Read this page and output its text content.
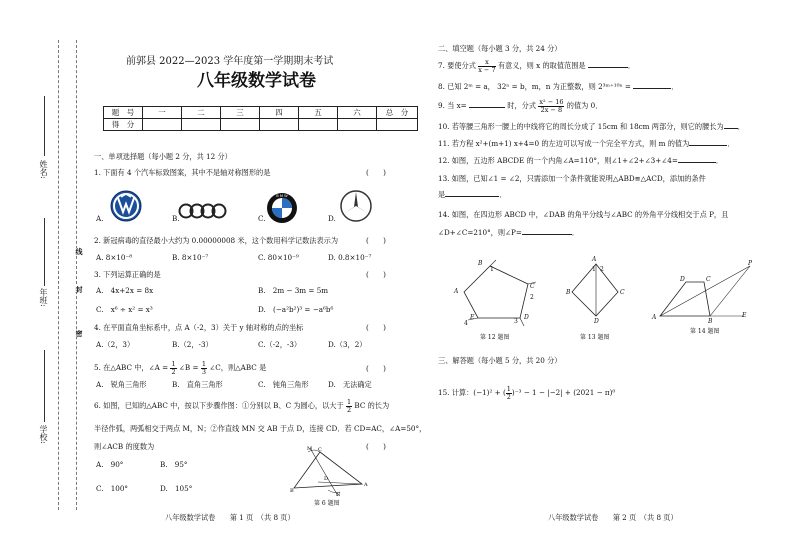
姓名:
年班:
学校:
线
封
密
前郭县 2022—2023 学年度第一学期期末考试
八年级数学试卷
题　号	一	二	三	四	五	六	总　分
得　分							
一、单项选择题（每小题 2 分，共 12 分）
1. 下面有 4 个汽车标致图案，其中不是轴对称图形的是	(　　)
A.	B.	C.	D.
B M W
2. 新冠病毒的直径最小大约为 0.00000008 米，这个数用科学记数法表示为	(　　)
A. 8×10⁻⁸	B. 8×10⁻⁷	C. 80×10⁻⁹	D. 0.8×10⁻⁷
3. 下列运算正确的是	(　　)
A.　4x+2x = 8x	B.　2m − 3m = 5m
C.　x⁶ ÷ x² = x³	D.　(−a²b²)³ = −a⁶b⁶
4. 在平面直角坐标系中，点 A（-2，3）关于 y 轴对称的点的坐标	(　　)
A.（2，3）	B.（2，-3）	C.（-2，-3）	D.（3，2）
5. 在△ABC 中，∠A = $\frac{1}{2}$ ∠B = $\frac{1}{3}$ ∠C，则△ABC 是	(　　)
A.　锐角三角形	B.　直角三角形	C.　钝角三角形	D.　无法确定
6. 如图，已知的△ABC 中，按以下步骤作图：①分别以 B、C 为圆心，以大于 $\frac{1}{2}$ BC 的长为
半径作弧，两弧相交于两点 M，N；②作直线 MN 交 AB 于点 D，连接 CD．若 CD=AC，∠A=50°，
则∠ACB 的度数为	(　　)
A.　90°	B.　95°
C.　100°	D.　105°	B
A
C
M
N
D
第 6 题图
八年级数学试卷　　第 1 页　（共 8 页）
二、填空题（每小题 3 分，共 24 分）
7. 要使分式 $\frac{x}{x - 7}$ 有意义，则 x 的取值范围是	．
8. 已知 2ᵐ = a， 32ⁿ = b，m，n 为正整数，则 2³ᵐ⁺¹⁰ⁿ =	．
9. 当 x=	时，分式 $\frac{\text{x² − 16}}{2x - 8}$ 的值为 0．
10. 若等腰三角形一腰上的中线将它的周长分成了 15cm 和 18cm 两部分，则它的腰长为 ．
11. 若方程 x²+(m+1) x+4=0 的左边可以写成一个完全平方式，则 m 的值为	．
12. 如图，五边形 ABCDE 的一个内角∠A=110°，则∠1+∠2+∠3+∠4=	．
13. 如图，已知∠1 = ∠2，只需添加一个条件就能说明△ABD≌△ACD，添加的条件
是	．
14. 如图，在四边形 ABCD 中，∠DAB 的角平分线与∠ABC 的外角平分线相交于点 P，且
∠D+∠C=210°，则∠P=	．
A
B
C
D
E
1
2
3
4
第 12 题图
A
B	C
D
1 2
第 13 题图
A
B
C
D
E
P
第 14 题图
三、解答题（每小题 5 分，共 20 分）
15. 计算：(−1)² + ( $\frac{1}{2} )^{-3} - 1 - |-2| + (2021 - \pi)^0$
八年级数学试卷　　第 2 页　（共 8 页）
